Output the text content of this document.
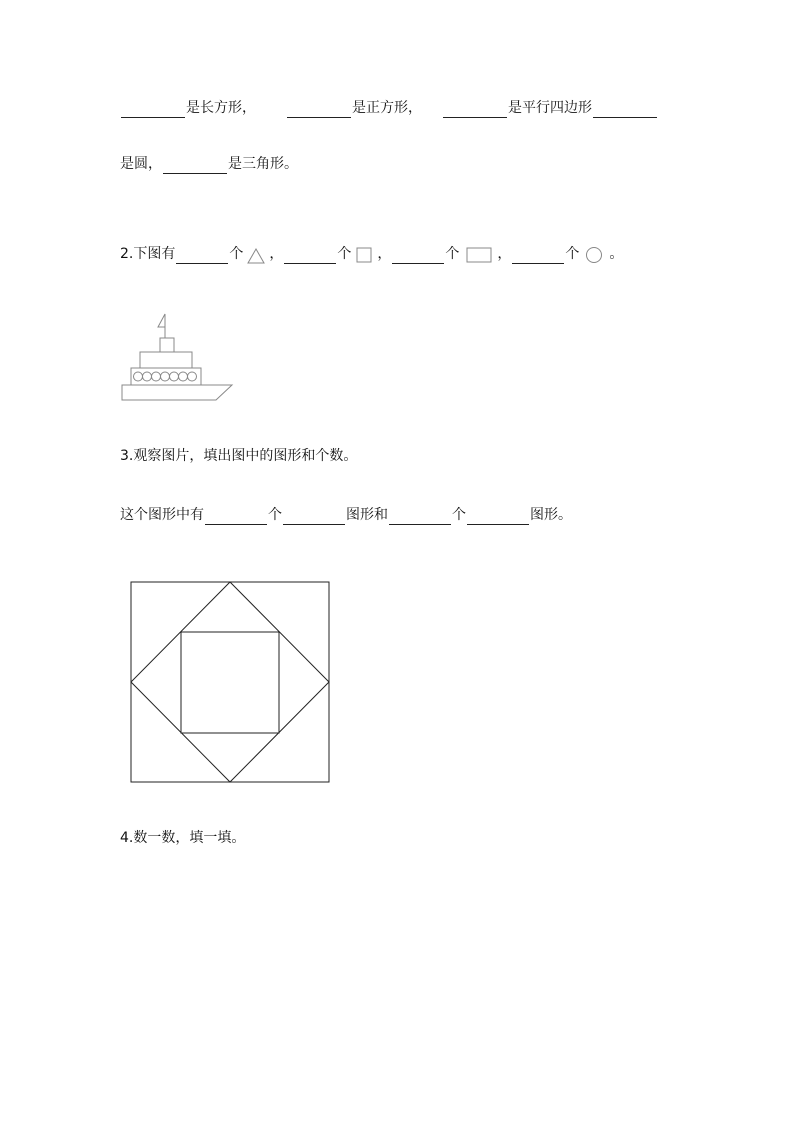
是长方形，	是正方形，	是平行四边形
是圆，	是三角形。
2.下图有	个 ，	个 ，	个	，	个 。
3.观察图片，填出图中的图形和个数。
这个图形中有	个	图形和	个	图形。
4.数一数，填一填。
